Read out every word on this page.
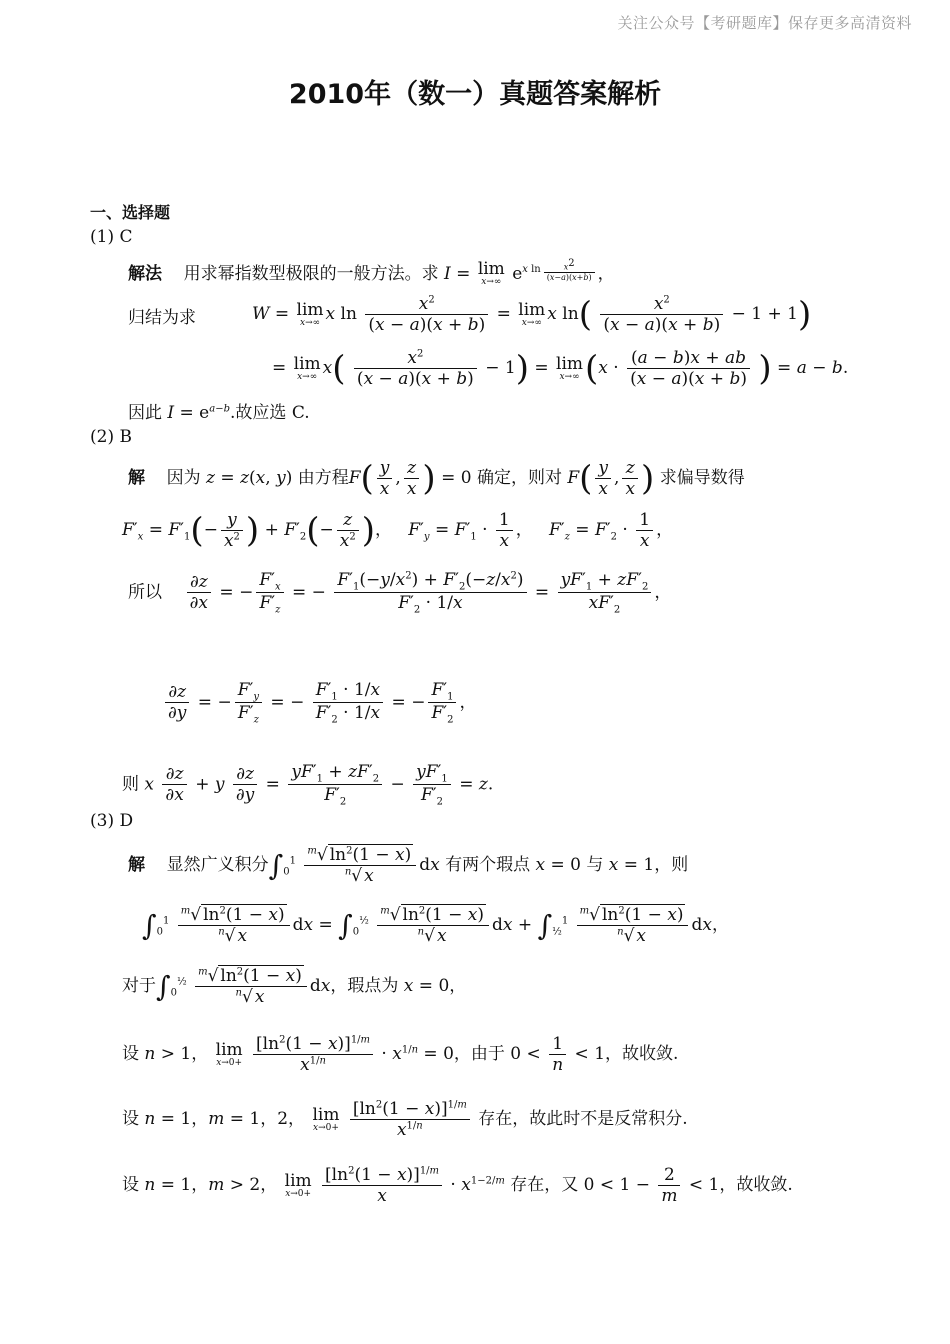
关注公众号【考研题库】保存更多高清资料
2010年（数一）真题答案解析
一、选择题
(1) C
解法 用求幂指数型极限的一般方法。求 I = lim
x→∞ $e^{x ln \frac{x^2}{(x-a)(x+b)}}$ ，
归结为求	W = lim
x→∞ x $\ln \frac{x^2}{(x - a)(x + b)} = \lim$
x→∞ x $\ln( \frac{x^2}{(x - a)(x + b)} - 1 + 1)$
= lim
x→∞ $x( \frac{x^2}{(x - a)(x + b)} - 1) = \lim$
x→∞ ($x \cdot \frac{(a - b)x + ab}{(x - a)(x + b)}$ ) = a − b.
因此 $I = e^{a-b}$.故应选 C.
(2) B
解 因为 z = z(x, y) 由方程$F( \frac{y}{x}$ , $\frac{z}{x}$ ) = 0 确定，则对 $F( \frac{y}{x}$ , $\frac{z}{x}$ ) 求偏导数得
$F'_x = F'_1(- \frac{y}{x^2}$ ) + $F'_2(- \frac{z}{x^2}$ )，   $F'_y = F'_1 \cdot \frac{1}{x}$ ，   $F'_z = F'_2 \cdot \frac{1}{x}$ ，
所以 $\frac{\partial z}{\partial x}$ = − $\frac{F'_x}{F'_z}$ = − $\frac{F'_1(-y/x^2) + F'_2(-z/x^2)}{F'_2 \cdot 1/x} = \frac{yF'_1 + zF'_2}{xF'_2}$ ，
$\frac{\partial z}{\partial y}$ = − $\frac{F'_y}{F'_z}$ = − $\frac{F'_1 \cdot 1/x}{F'_2 \cdot 1/x}$ = − $\frac{F'_1}{F'_2}$ ，
则 x $\frac{\partial z}{\partial x} + y \frac{\partial z}{\partial y} = \frac{yF'_1 + zF'_2}{F'_2} - \frac{yF'_1}{F'_2} = z$.
(3) D
解 显然广义积分$\int_0^1 \frac{^m√ \ln^2(1 - x)}{^n√ x}$ dx 有两个瑕点 x = 0 与 x = 1，则
$\int_0^1 \frac{^m√ \ln^2(1 - x)}{^n√ x}$ dx = $\int_0^{\frac{1}{2}} \frac{^m√ \ln^2(1 - x)}{^n√ x}$ dx + $\int_{\frac{1}{2}}^1 \frac{^m√ \ln^2(1 - x)}{^n√ x}$ dx，
对于$\int_0^{\frac{1}{2}} \frac{^m√ \ln^2(1 - x)}{^n√ x}$ dx，瑕点为 x = 0，
设 n > 1， lim
x→0+
$\frac{[\ln^2(1 - x)]^{1/m}}{x^{1/n}} \cdot x^{1/n} = 0$，由于 $0 < \frac{1}{n} < 1$，故收敛.
设 n = 1，m = 1，2， lim
x→0+
$\frac{[\ln^2(1 - x)]^{1/m}}{x^{1/n}}$ 存在，故此时不是反常积分.
设 n = 1，m > 2， lim
x→0+
$\frac{[\ln^2(1 - x)]^{1/m}}{x} \cdot x^{1-2/m}$ 存在，又 $0 < 1 - \frac{2}{m} < 1$，故收敛.
